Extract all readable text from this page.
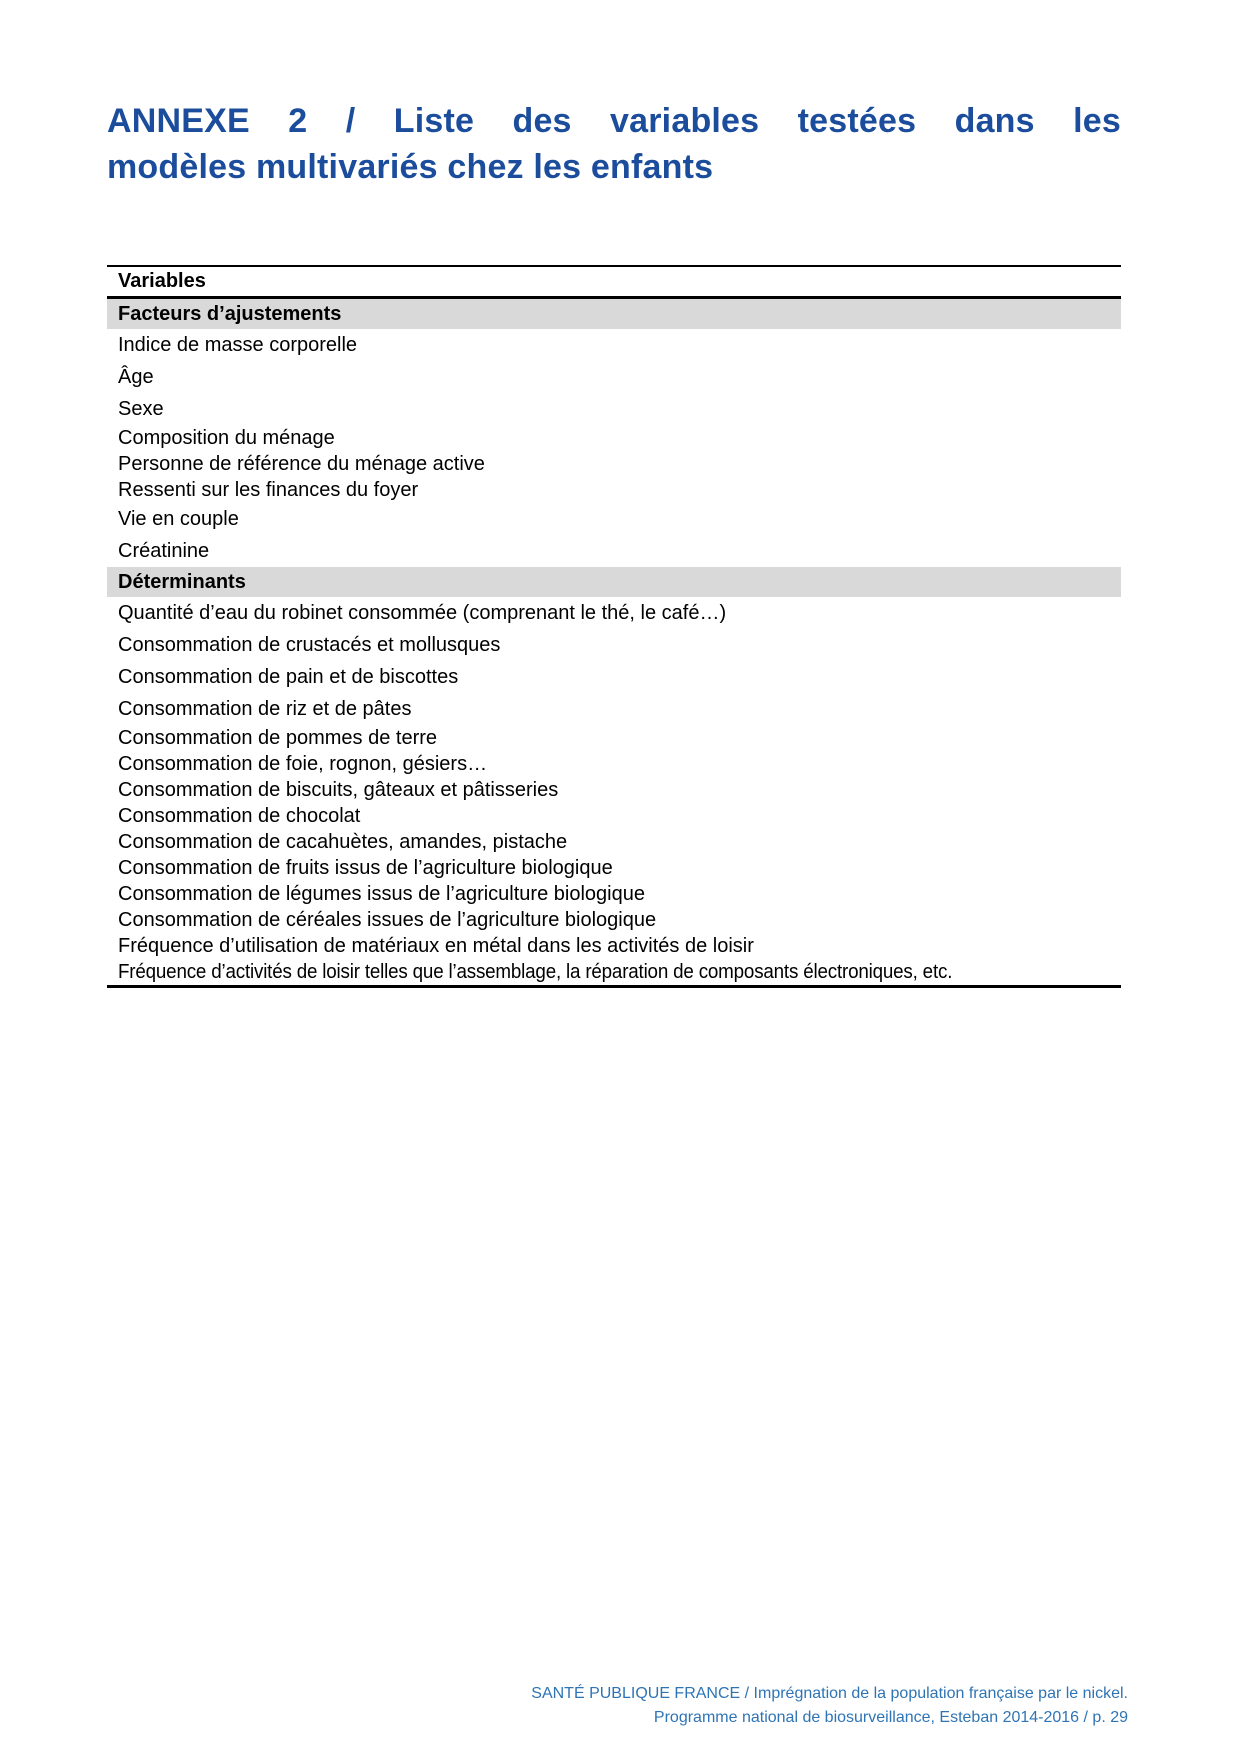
ANNEXE 2 / Liste des variables testées dans les
modèles multivariés chez les enfants
Variables
Facteurs d’ajustements
Indice de masse corporelle
Âge
Sexe
Composition du ménage
Personne de référence du ménage active
Ressenti sur les finances du foyer
Vie en couple
Créatinine
Déterminants
Quantité d’eau du robinet consommée (comprenant le thé, le café…)
Consommation de crustacés et mollusques
Consommation de pain et de biscottes
Consommation de riz et de pâtes
Consommation de pommes de terre
Consommation de foie, rognon, gésiers…
Consommation de biscuits, gâteaux et pâtisseries
Consommation de chocolat
Consommation de cacahuètes, amandes, pistache
Consommation de fruits issus de l’agriculture biologique
Consommation de légumes issus de l’agriculture biologique
Consommation de céréales issues de l’agriculture biologique
Fréquence d’utilisation de matériaux en métal dans les activités de loisir
Fréquence d’activités de loisir telles que l’assemblage, la réparation de composants électroniques, etc.
SANTÉ PUBLIQUE FRANCE / Imprégnation de la population française par le nickel.
Programme national de biosurveillance, Esteban 2014-2016 / p. 29
